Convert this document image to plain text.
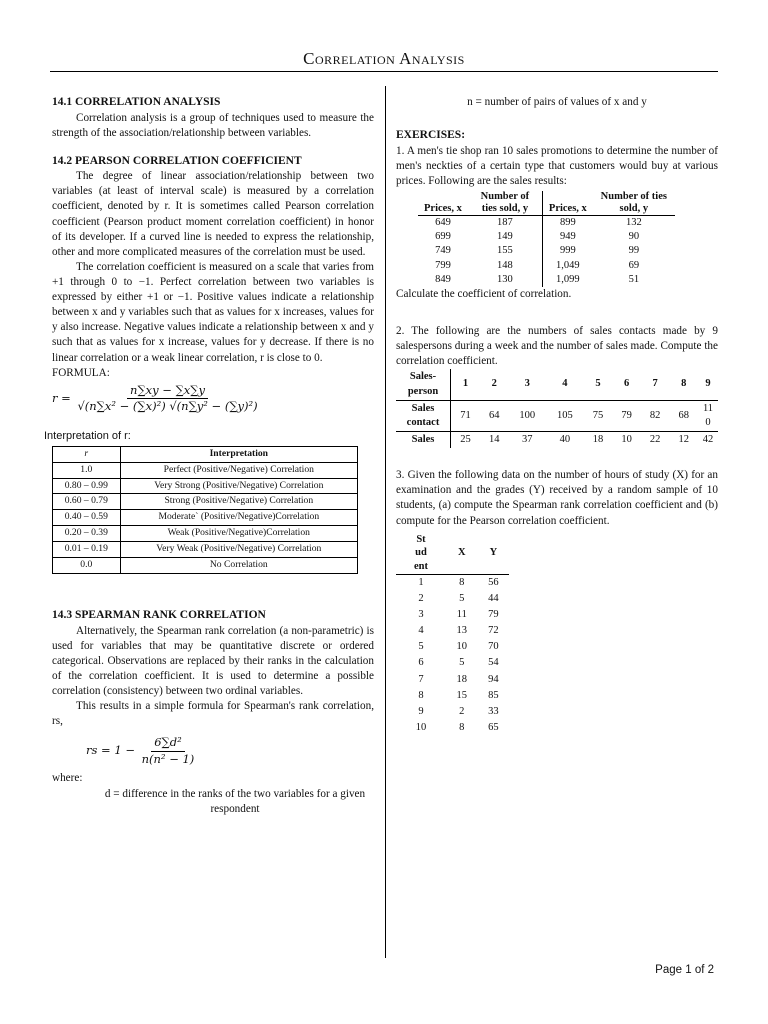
Correlation Analysis
14.1 CORRELATION ANALYSIS

Correlation analysis is a group of techniques used to measure the strength of the association/relationship between variables.

14.2 PEARSON CORRELATION COEFFICIENT

The degree of linear association/relationship between two variables (at least of interval scale) is measured by a correlation coefficient, denoted by r. It is sometimes called Pearson correlation coefficient (Pearson product moment correlation coefficient) in honor of its developer. If a curved line is needed to express the relationship, other and more complicated measures of the correlation must be used.

The correlation coefficient is measured on a scale that varies from +1 through 0 to −1. Perfect correlation between two variables is expressed by either +1 or −1. Positive values indicate a relationship between x and y variables such that as values for x increases, values for y also increase. Negative values indicate a relationship between x and y such that as values for x increase, values for y decrease. If there is no linear correlation or a weak linear correlation, r is close to 0.

FORMULA:
$r = \frac{n\sum xy - \sum x\sum y}{\text{√(n∑x² − (∑x)²) √(n∑y² − (∑y)²)}}$
Interpretation of r:
r	Interpretation
1.0	Perfect (Positive/Negative) Correlation
0.80 – 0.99	Very Strong (Positive/Negative) Correlation
0.60 – 0.79	Strong (Positive/Negative) Correlation
0.40 – 0.59	Moderate` (Positive/Negative)Correlation
0.20 – 0.39	Weak (Positive/Negative)Correlation
0.01 – 0.19	Very Weak (Positive/Negative) Correlation
0.0	No Correlation
14.3 SPEARMAN RANK CORRELATION

Alternatively, the Spearman rank correlation (a non-parametric) is used for variables that may be quantitative discrete or ordered categorical. Observations are replaced by their ranks in the calculation of the correlation coefficient. It is used to determine a possible correlation (consistency) between two ordinal variables.

This results in a simple formula for Spearman's rank correlation, rs,

rs = $1 - \frac{\text{6∑d²}}{\text{n(n² − 1)}}$
where:
d = difference in the ranks of the two variables for a given respondent
n = number of pairs of values of x and y
EXERCISES:

1. A men's tie shop ran 10 sales promotions to determine the number of men's neckties of a certain type that customers would buy at various prices. Following are the sales results:

Prices, x	Number of ties sold, y	Prices, x	Number of ties sold, y
649	187	899	132
699	149	949	90
749	155	999	99
799	148	1,049	69
849	130	1,099	51
Calculate the coefficient of correlation.

2. The following are the numbers of sales contacts made by 9 salespersons during a week and the number of sales made. Compute the correlation coefficient.

Sales-person	1	2	3	4	5	6	7	8	9
Sales contact	71	64	100	105	75	79	82	68	110
Sales	25	14	37	40	18	10	22	12	42

3. Given the following data on the number of hours of study (X) for an examination and the grades (Y) received by a random sample of 10 students, (a) compute the Spearman rank correlation coefficient and (b) compute for the Pearson correlation coefficient.

Student	X	Y
1	8	56
2	5	44
3	11	79
4	13	72
5	10	70
6	5	54
7	18	94
8	15	85
9	2	33
10	8	65
Page 1 of 2
